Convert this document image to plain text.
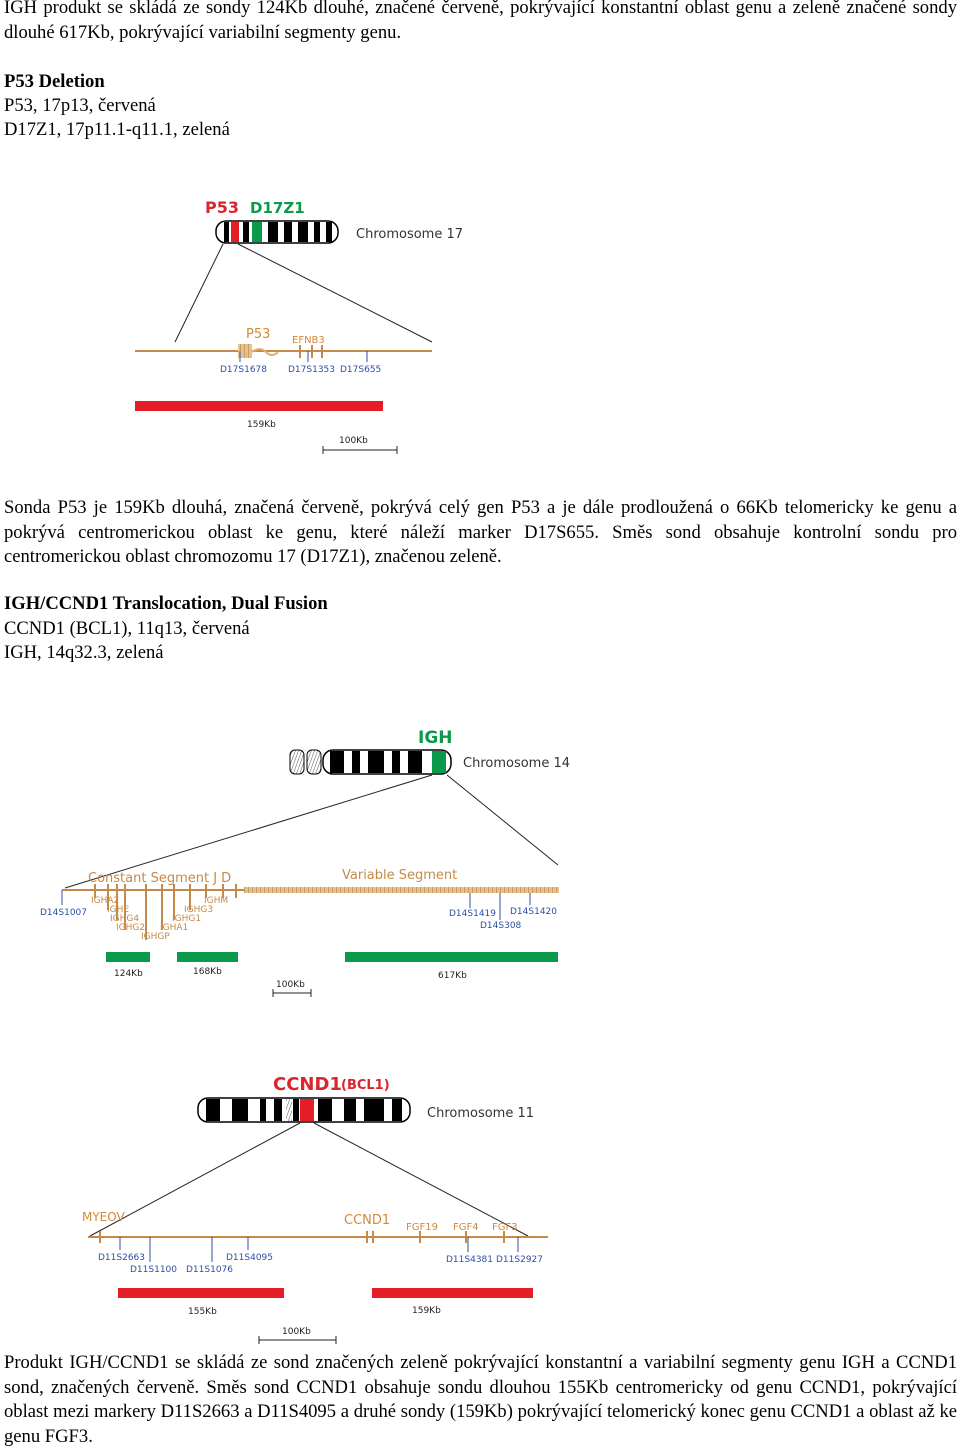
IGH produkt se skládá ze sondy 124Kb dlouhé, značené červeně, pokrývající konstantní oblast genu a zeleně značené sondy dlouhé 617Kb, pokrývající variabilní segmenty genu.

P53 Deletion
P53, 17p13, červená
D17Z1, 17p11.1-q11.1, zelená

Sonda P53 je 159Kb dlouhá, značená červeně, pokrývá celý gen P53 a je dále prodloužená o 66Kb telomericky ke genu a pokrývá centromerickou oblast ke genu, které náleží marker D17S655. Směs sond obsahuje kontrolní sondu pro centromerickou oblast chromozomu 17 (D17Z1), značenou zeleně.

IGH/CCND1 Translocation, Dual Fusion
CCND1 (BCL1), 11q13, červená
IGH, 14q32.3, zelená

Produkt IGH/CCND1 se skládá ze sond značených zeleně pokrývající konstantní a variabilní segmenty genu IGH a CCND1 sond, značených červeně. Směs sond CCND1 obsahuje sondu dlouhou 155Kb centromericky od genu CCND1, pokrývající oblast mezi markery D11S2663 a D11S4095 a druhé sondy (159Kb) pokrývající telomerický konec genu CCND1 a oblast až ke genu FGF3.

P53 D17Z1
Chromosome 17
P53 EFNB3
D17S1678 D17S1353 D17S655
159Kb
100Kb
IGH
Chromosome 14
Constant Segment J D	Variable Segment
IGHA2
IGHE
IGHG4
IGHG2
IGHGP
IGHA1
IGHG1
IGHG3
IGHM
D14S1007	D14S1419 D14S1420
D14S308
124Kb	168Kb	617Kb
100Kb
CCND1 (BCL1)
Chromosome 11
MYEOV	CCND1 FGF19 FGF4 FGF3
D11S2663
D11S1100
D11S4095
D11S1076
D11S4381 D11S2927
155Kb	159Kb
100Kb
